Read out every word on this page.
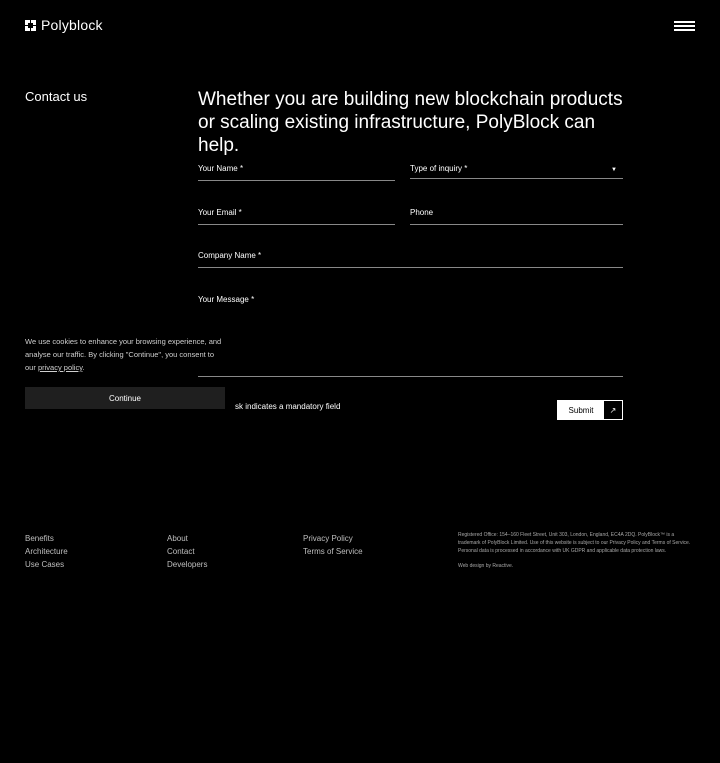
Polyblock
Contact us	Whether you are building new blockchain products or scaling existing infrastructure, PolyBlock can help.
Your Name *	Type of inquiry *	▼
Your Email *	Phone
Company Name *
Your Message *
sk indicates a mandatory field	Submit	↗

We use cookies to enhance your browsing experience, and analyse our traffic. By clicking "Continue", you consent to our privacy policy.

Continue
Benefits
Architecture
Use Cases
About
Contact
Developers
Privacy Policy
Terms of Service

Registered Office: 154–160 Fleet Street, Unit 303, London, England, EC4A 2DQ. PolyBlock™ is a trademark of PolyBlock Limited. Use of this website is subject to our Privacy Policy and Terms of Service. Personal data is processed in accordance with UK GDPR and applicable data protection laws.

Web design by Reactive.
